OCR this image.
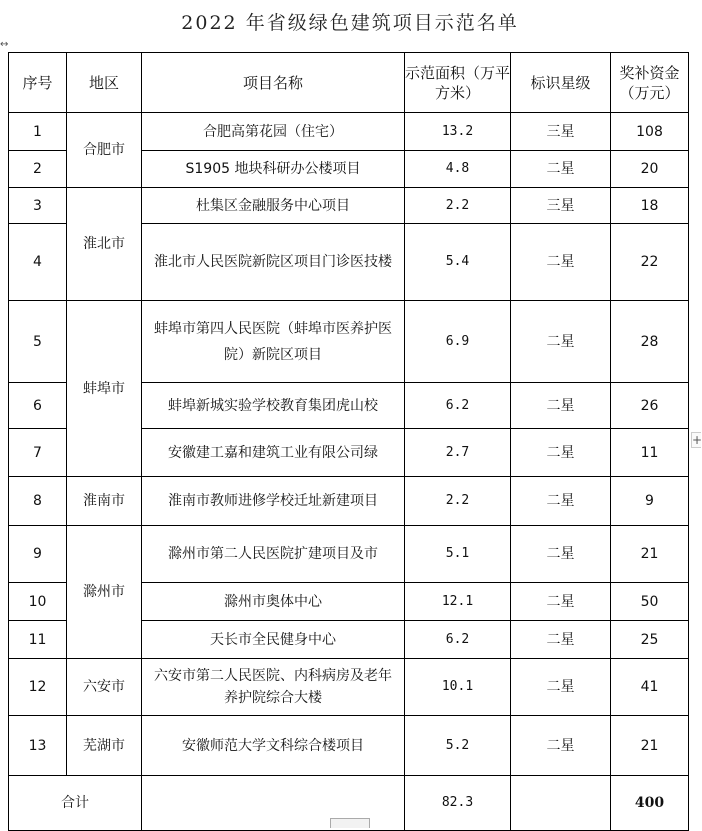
2022 年省级绿色建筑项目示范名单
↔
+
序号	地区	项目名称	示范面积（万平方米）	标识星级	奖补资金（万元）
1	合肥市	合肥高第花园（住宅）	13.2	三星	108
2		S1905 地块科研办公楼项目	4.8	二星	20
3	淮北市	杜集区金融服务中心项目	2.2	三星	18
4		淮北市人民医院新院区项目门诊医技楼	5.4	二星	22
5	蚌埠市	蚌埠市第四人民医院（蚌埠市医养护医院）新院区项目	6.9	二星	28
6		蚌埠新城实验学校教育集团虎山校	6.2	二星	26
7		安徽建工嘉和建筑工业有限公司绿	2.7	二星	11
8	淮南市	淮南市教师进修学校迁址新建项目	2.2	二星	9
9	滁州市	滁州市第二人民医院扩建项目及市	5.1	二星	21
10		滁州市奥体中心	12.1	二星	50
11		天长市全民健身中心	6.2	二星	25
12	六安市	六安市第二人民医院、内科病房及老年养护院综合大楼	10.1	二星	41
13	芜湖市	安徽师范大学文科综合楼项目	5.2	二星	21
合计			82.3		400
